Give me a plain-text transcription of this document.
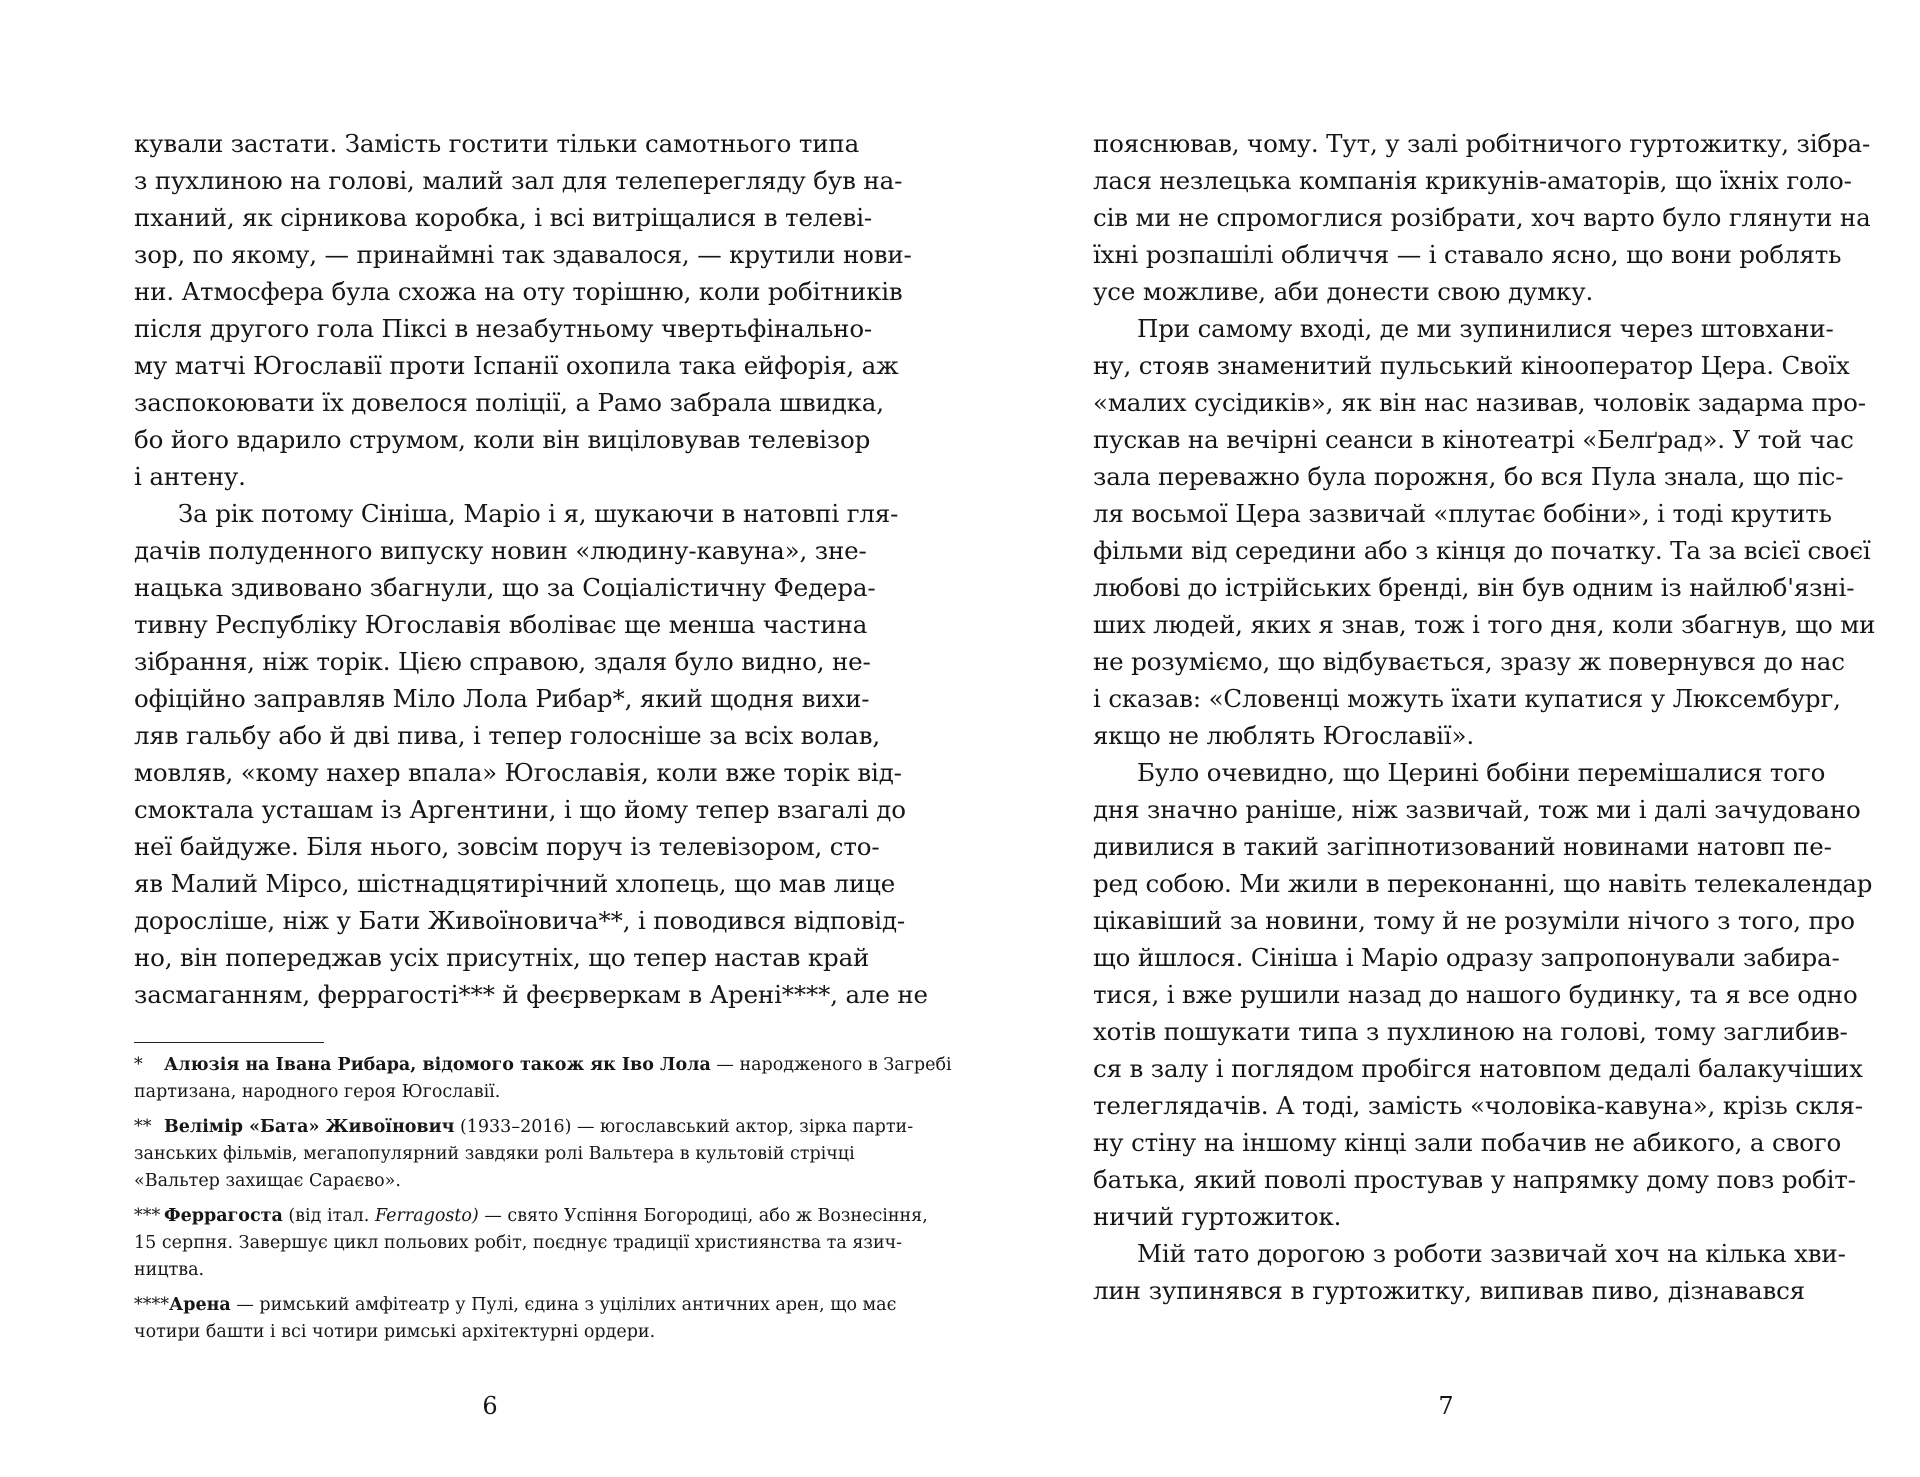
кували застати. Замість гостити тільки самотнього типа
з пухлиною на голові, малий зал для телеперегляду був на-
пханий, як сірникова коробка, і всі витріщалися в телеві-
зор, по якому, — принаймні так здавалося, — крутили нови-
ни. Атмосфера була схожа на оту торішню, коли робітників
після другого гола Піксі в незабутньому чвертьфінально-
му матчі Югославії проти Іспанії охопила така ейфорія, аж
заспокоювати їх довелося поліції, а Рамо забрала швидка,
бо його вдарило струмом, коли він виціловував телевізор
і антену.
За рік потому Сініша, Маріо і я, шукаючи в натовпі гля-
дачів полуденного випуску новин «людину-кавуна», зне-
нацька здивовано збагнули, що за Соціалістичну Федера-
тивну Республіку Югославія вболіває ще менша частина
зібрання, ніж торік. Цією справою, здаля було видно, не-
офіційно заправляв Міло Лола Рибар*, який щодня вихи-
ляв гальбу або й дві пива, і тепер голосніше за всіх волав,
мовляв, «кому нахер впала» Югославія, коли вже торік від-
смоктала усташам із Аргентини, і що йому тепер взагалі до
неї байдуже. Біля нього, зовсім поруч із телевізором, сто-
яв Малий Мірсо, шістнадцятирічний хлопець, що мав лице
дорослiше, ніж у Бати Живоїновича**, і поводився відповід-
но, він попереджав усіх присутніх, що тепер настав край
засмаганням, феррагості*** й феєрверкам в Арені****, але не
* Алюзія на Івана Рибара, відомого також як Іво Лола — народженого в Загребі
партизана, народного героя Югославії.
** Велімір «Бата» Живоїнович (1933–2016) — югославський актор, зірка парти-
занських фільмів, мегапопулярний завдяки ролі Вальтера в культовій стрічці
«Вальтер захищає Сараєво».
*** Феррагоста (від італ. Ferragosto) — свято Успіння Богородиці, або ж Вознесіння,
15 серпня. Завершує цикл польових робіт, поєднує традиції християнства та язич-
ництва.
****Арена — римський амфітеатр у Пулі, єдина з уцілілих античних арен, що має
чотири башти і всі чотири римські архітектурні ордери.
6
пояснював, чому. Тут, у залі робітничого гуртожитку, зібра-
лася незлецька компанія крикунів-аматорів, що їхніх голо-
сів ми не спромоглися розібрати, хоч варто було глянути на
їхні розпашілі обличчя — і ставало ясно, що вони роблять
усе можливе, аби донести свою думку.
При самому вході, де ми зупинилися через штовхани-
ну, стояв знаменитий пульський кінооператор Цера. Своїх
«малих сусідиків», як він нас називав, чоловік задарма про-
пускав на вечірні сеанси в кінотеатрі «Белґрад». У той час
зала переважно була порожня, бо вся Пула знала, що піс-
ля восьмої Цера зазвичай «плутає бобіни», і тоді крутить
фільми від середини або з кінця до початку. Та за всієї своєї
любові до істрійських бренді, він був одним із найлюб'язні-
ших людей, яких я знав, тож і того дня, коли збагнув, що ми
не розуміємо, що відбувається, зразу ж повернувся до нас
і сказав: «Словенці можуть їхати купатися у Люксембург,
якщо не люблять Югославії».
Було очевидно, що Церині бобіни перемішалися того
дня значно раніше, ніж зазвичай, тож ми і далі зачудовано
дивилися в такий загіпнотизований новинами натовп пе-
ред собою. Ми жили в переконанні, що навіть телекалендар
цікавіший за новини, тому й не розуміли нічого з того, про
що йшлося. Сініша і Маріо одразу запропонували забира-
тися, і вже рушили назад до нашого будинку, та я все одно
хотів пошукати типа з пухлиною на голові, тому заглибив-
ся в залу і поглядом пробігся натовпом дедалі балакучіших
телеглядачів. А тоді, замість «чоловіка-кавуна», крізь скля-
ну стіну на іншому кінці зали побачив не абикого, а свого
батька, який поволі простував у напрямку дому повз робіт-
ничий гуртожиток.
Мій тато дорогою з роботи зазвичай хоч на кілька хви-
лин зупинявся в гуртожитку, випивав пиво, дізнавався
7
